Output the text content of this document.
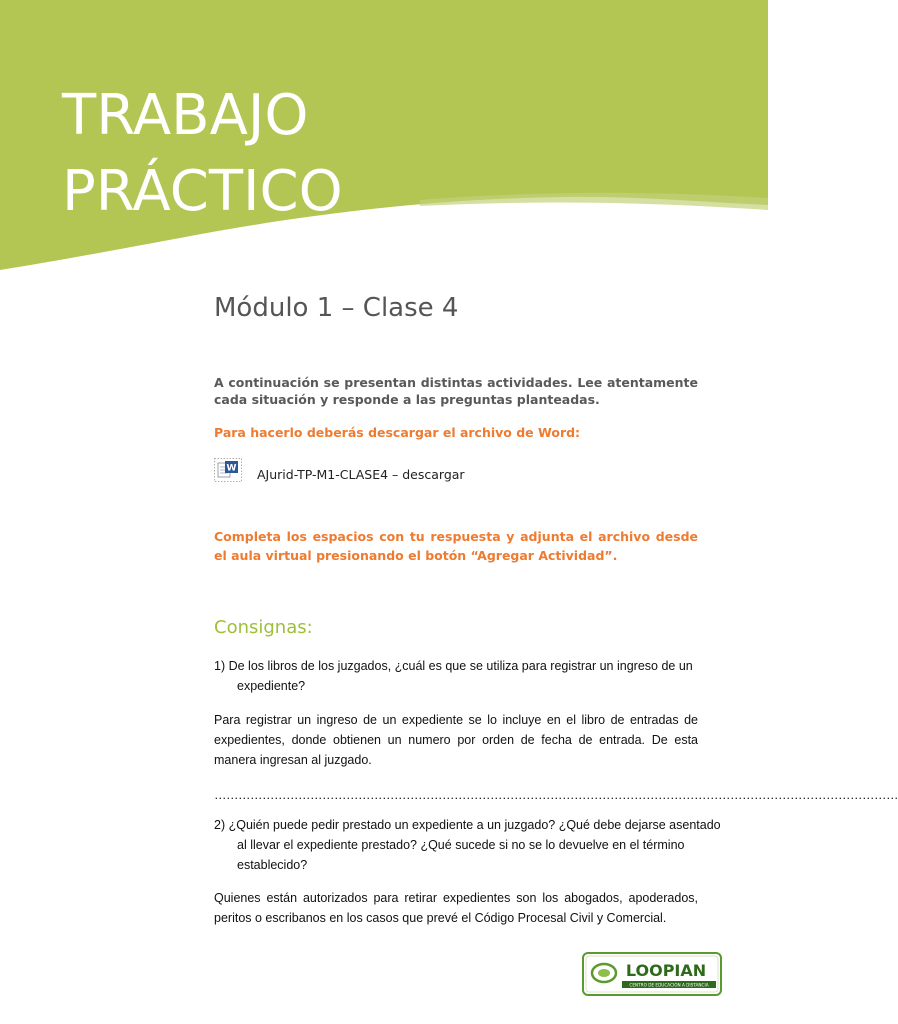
TRABAJO
PRÁCTICO
Módulo 1 – Clase 4
A continuación se presentan distintas actividades. Lee atentamente cada situación y responde a las preguntas planteadas.
Para hacerlo deberás descargar el archivo de Word:
W AJurid-TP-M1-CLASE4 – descargar
Completa los espacios con tu respuesta y adjunta el archivo desde el aula virtual presionando el botón “Agregar Actividad”.
Consignas:
1) De los libros de los juzgados, ¿cuál es que se utiliza para registrar un ingreso de un expediente?
Para registrar un ingreso de un expediente se lo incluye en el libro de entradas de expedientes, donde obtienen un numero por orden de fecha de entrada. De esta manera ingresan al juzgado.
………………………………………………………………………………………………………………………………………………………
2) ¿Quién puede pedir prestado un expediente a un juzgado? ¿Qué debe dejarse asentado al llevar el expediente prestado? ¿Qué sucede si no se lo devuelve en el término establecido?
Quienes están autorizados para retirar expedientes son los abogados, apoderados, peritos o escribanos en los casos que prevé el Código Procesal Civil y Comercial.
LOOPIAN
CENTRO DE EDUCACIÓN A DISTANCIA
